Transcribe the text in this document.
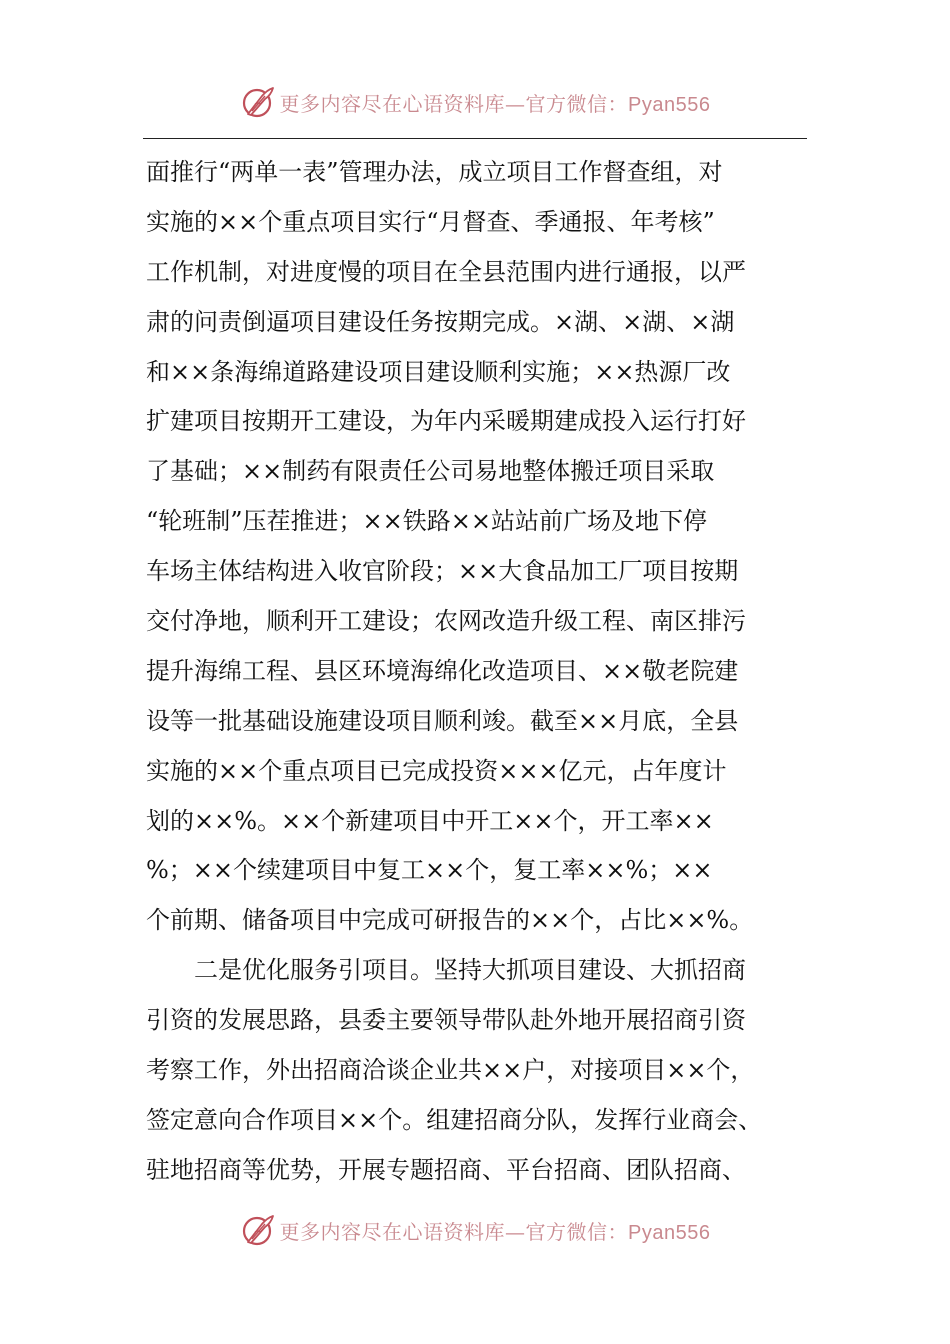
更多内容尽在心语资料库—官方微信：Pyan556
面推行“两单一表”管理办法，成立项目工作督查组，对
实施的××个重点项目实行“月督查、季通报、年考核”
工作机制，对进度慢的项目在全县范围内进行通报，以严
肃的问责倒逼项目建设任务按期完成。×湖、×湖、×湖
和××条海绵道路建设项目建设顺利实施；××热源厂改
扩建项目按期开工建设，为年内采暖期建成投入运行打好
了基础；××制药有限责任公司易地整体搬迁项目采取
“轮班制”压茬推进；××铁路××站站前广场及地下停
车场主体结构进入收官阶段；××大食品加工厂项目按期
交付净地，顺利开工建设；农网改造升级工程、南区排污
提升海绵工程、县区环境海绵化改造项目、××敬老院建
设等一批基础设施建设项目顺利竣。截至××月底，全县
实施的××个重点项目已完成投资×××亿元，占年度计
划的××%。××个新建项目中开工××个，开工率××
%；××个续建项目中复工××个，复工率××%；××
个前期、储备项目中完成可研报告的××个，占比××%。
二是优化服务引项目。坚持大抓项目建设、大抓招商
引资的发展思路，县委主要领导带队赴外地开展招商引资
考察工作，外出招商洽谈企业共××户，对接项目××个，
签定意向合作项目××个。组建招商分队，发挥行业商会、
驻地招商等优势，开展专题招商、平台招商、团队招商、
更多内容尽在心语资料库—官方微信：Pyan556
